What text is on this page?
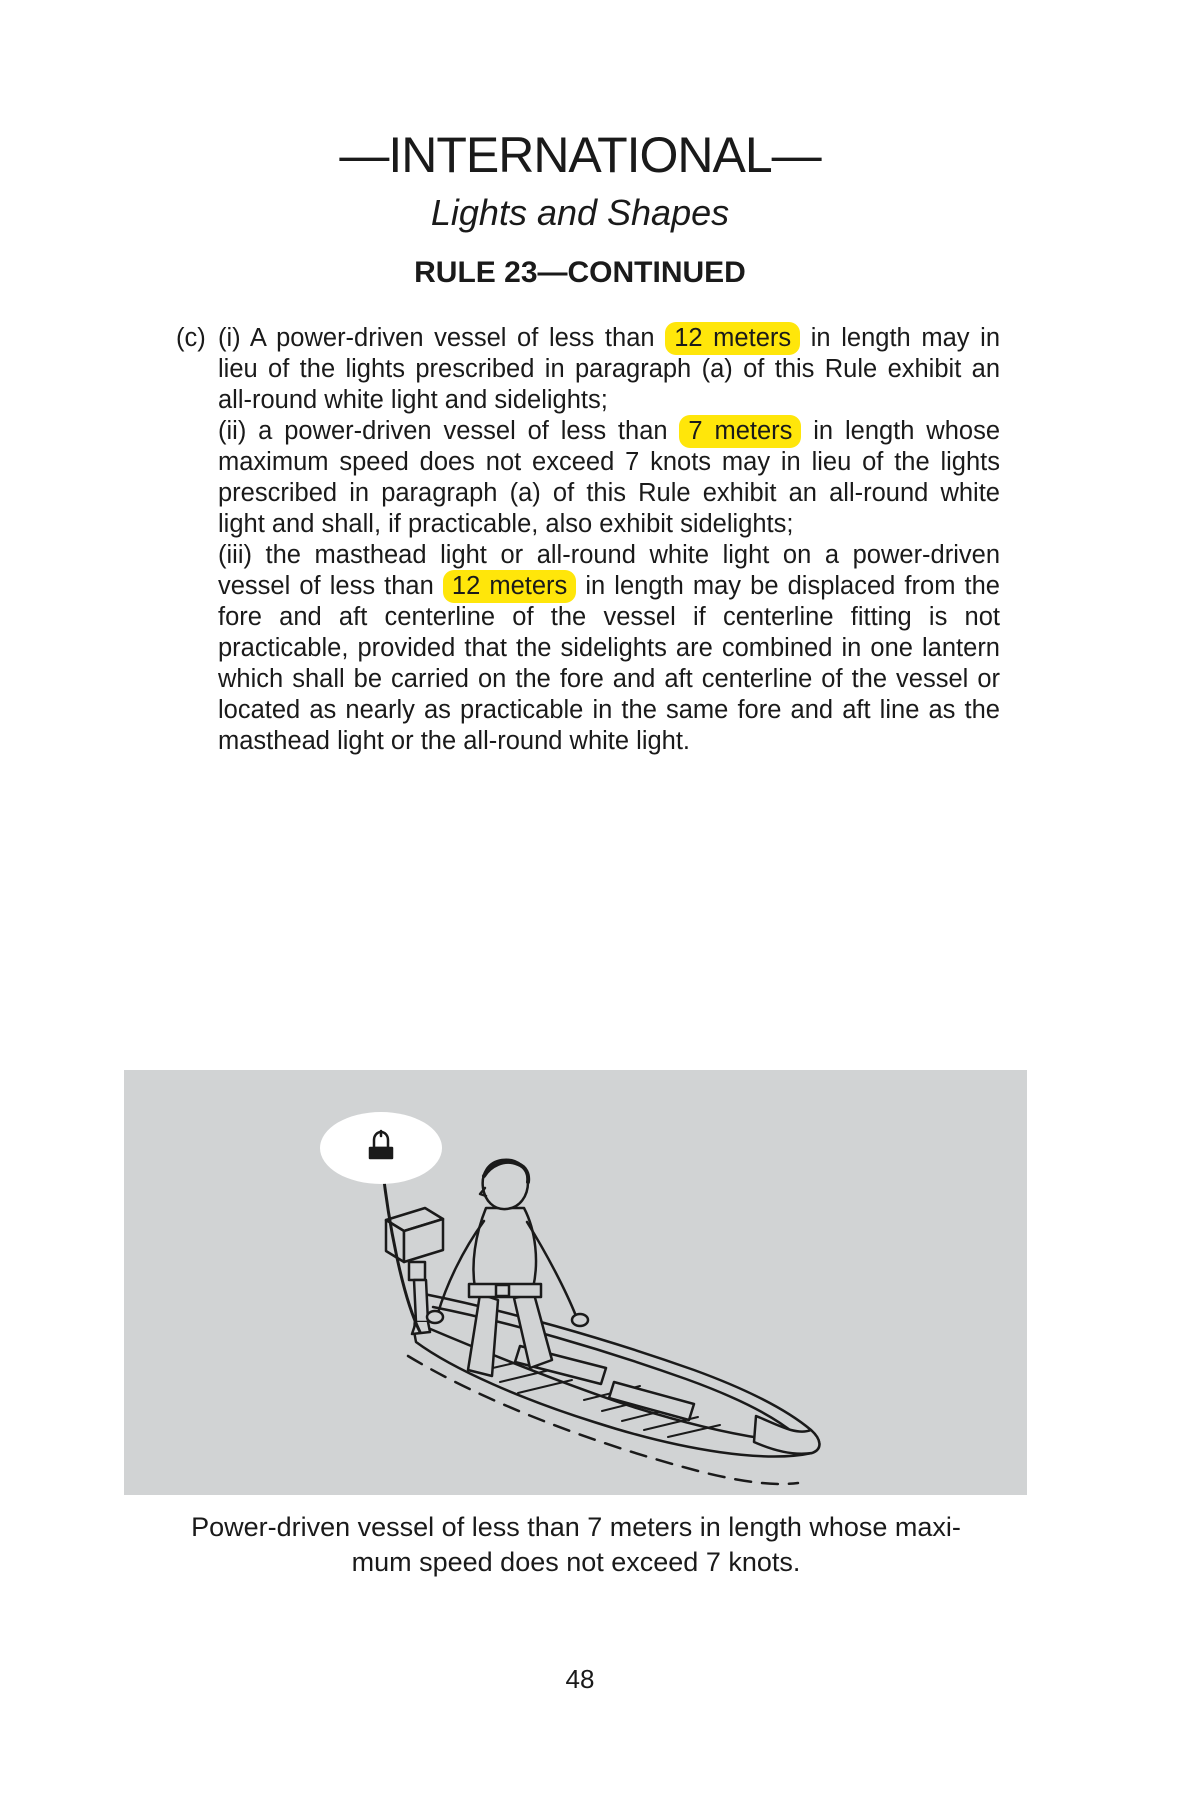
—INTERNATIONAL—
Lights and Shapes
RULE 23—CONTINUED
(c) (i) A power-driven vessel of less than 12 meters in length may in lieu of the lights prescribed in paragraph (a) of this Rule exhibit an all-round white light and sidelights;
(ii) a power-driven vessel of less than 7 meters in length whose maximum speed does not exceed 7 knots may in lieu of the lights prescribed in paragraph (a) of this Rule exhibit an all-round white light and shall, if practicable, also exhibit sidelights;
(iii) the masthead light or all-round white light on a power-driven vessel of less than 12 meters in length may be displaced from the fore and aft centerline of the vessel if centerline fitting is not practicable, provided that the sidelights are combined in one lantern which shall be carried on the fore and aft centerline of the vessel or located as nearly as practicable in the same fore and aft line as the masthead light or the all-round white light.
Power-driven vessel of less than 7 meters in length whose maxi-
mum speed does not exceed 7 knots.
48
